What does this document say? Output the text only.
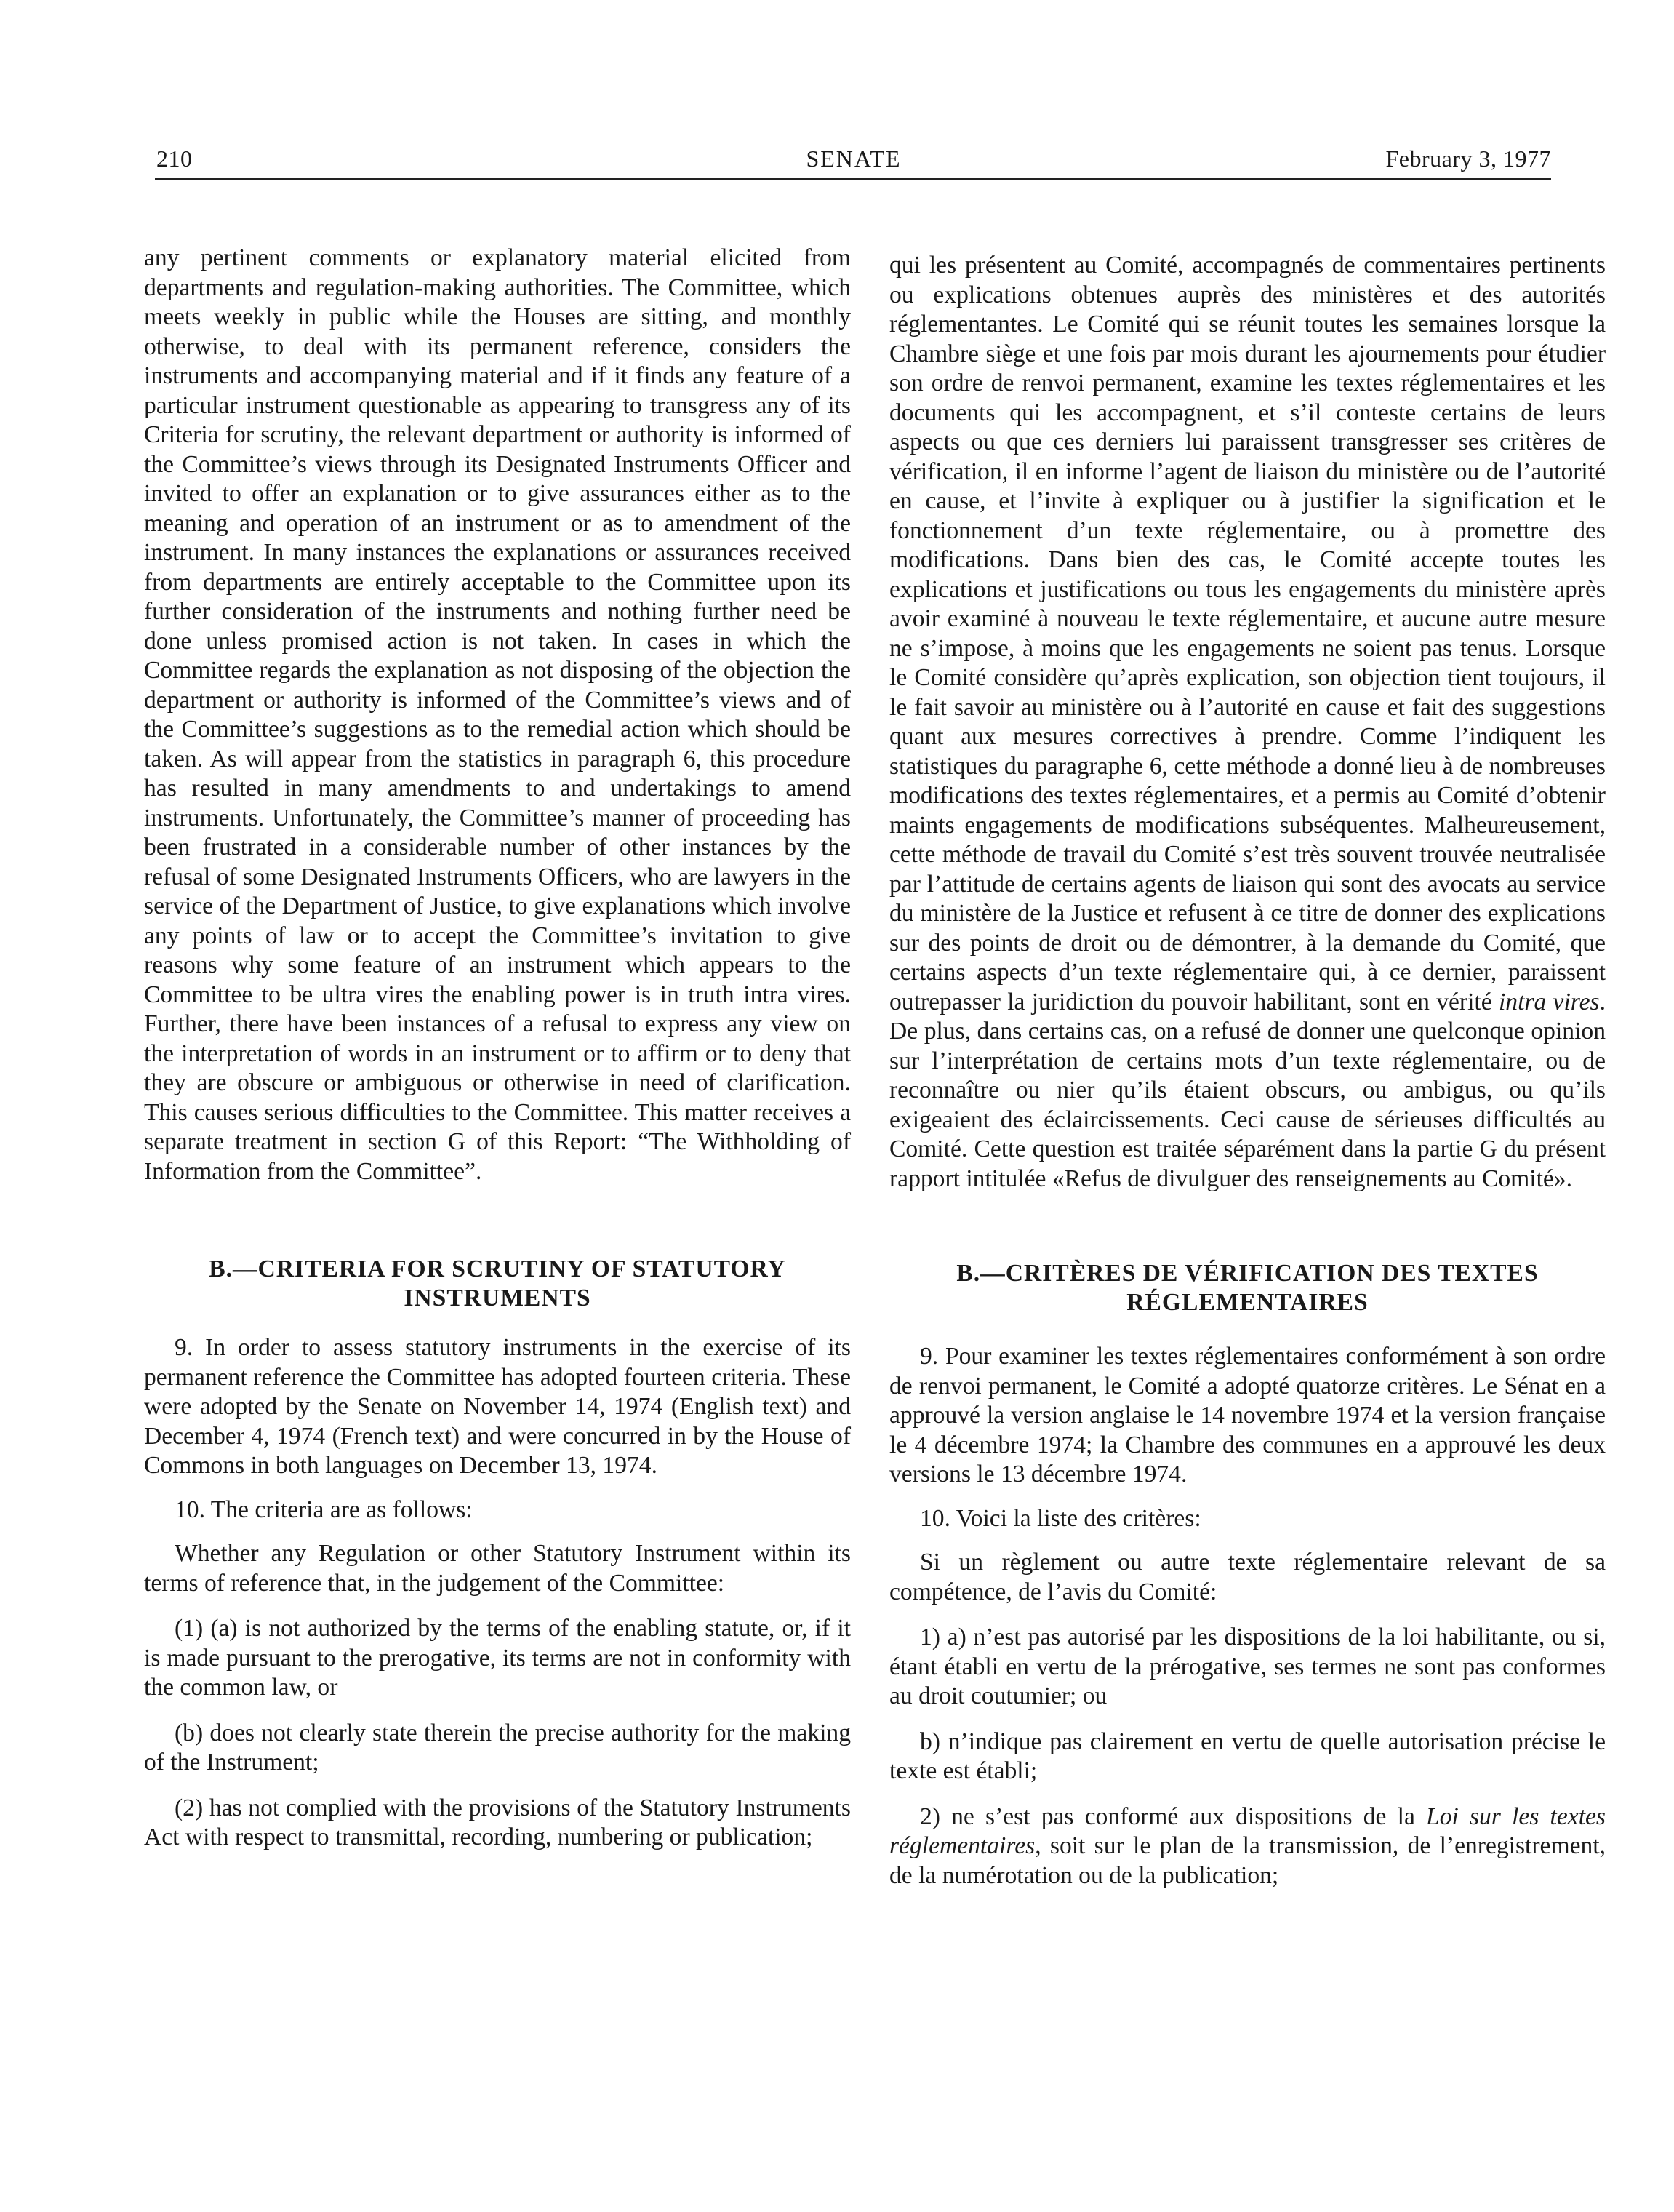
210	SENATE	February 3, 1977

any pertinent comments or explanatory material elicited from departments and regulation-making authorities. The Committee, which meets weekly in public while the Houses are sitting, and monthly otherwise, to deal with its permanent reference, considers the instruments and accompanying material and if it finds any feature of a particular instrument questionable as appearing to transgress any of its Criteria for scrutiny, the relevant department or authority is informed of the Committee’s views through its Designated Instruments Officer and invited to offer an explanation or to give assurances either as to the meaning and operation of an instrument or as to amendment of the instrument. In many instances the explanations or assurances received from departments are entirely acceptable to the Committee upon its further consideration of the instruments and nothing further need be done unless promised action is not taken. In cases in which the Committee regards the explanation as not disposing of the objection the department or authority is informed of the Committee’s views and of the Committee’s suggestions as to the remedial action which should be taken. As will appear from the statistics in paragraph 6, this procedure has resulted in many amendments to and undertakings to amend instruments. Unfortunately, the Committee’s manner of proceeding has been frustrated in a considerable number of other instances by the refusal of some Designated Instruments Officers, who are lawyers in the service of the Department of Justice, to give explanations which involve any points of law or to accept the Committee’s invitation to give reasons why some feature of an instrument which appears to the Committee to be ultra vires the enabling power is in truth intra vires. Further, there have been instances of a refusal to express any view on the interpretation of words in an instrument or to affirm or to deny that they are obscure or ambiguous or otherwise in need of clarification. This causes serious difficulties to the Committee. This matter receives a separate treatment in section G of this Report: “The Withholding of Information from the Committee”.

B.—CRITERIA FOR SCRUTINY OF STATUTORY INSTRUMENTS

9. In order to assess statutory instruments in the exercise of its permanent reference the Committee has adopted fourteen criteria. These were adopted by the Senate on November 14, 1974 (English text) and December 4, 1974 (French text) and were concurred in by the House of Commons in both languages on December 13, 1974.

10. The criteria are as follows:

Whether any Regulation or other Statutory Instrument within its terms of reference that, in the judgement of the Committee:

(1) (a) is not authorized by the terms of the enabling statute, or, if it is made pursuant to the prerogative, its terms are not in conformity with the common law, or

(b) does not clearly state therein the precise authority for the making of the Instrument;

(2) has not complied with the provisions of the Statutory Instruments Act with respect to transmittal, recording, numbering or publication;

qui les présentent au Comité, accompagnés de commentaires pertinents ou explications obtenues auprès des ministères et des autorités réglementantes. Le Comité qui se réunit toutes les semaines lorsque la Chambre siège et une fois par mois durant les ajournements pour étudier son ordre de renvoi permanent, examine les textes réglementaires et les documents qui les accompagnent, et s’il conteste certains de leurs aspects ou que ces derniers lui paraissent transgresser ses critères de vérification, il en informe l’agent de liaison du ministère ou de l’autorité en cause, et l’invite à expliquer ou à justifier la signification et le fonctionnement d’un texte réglementaire, ou à promettre des modifications. Dans bien des cas, le Comité accepte toutes les explications et justifications ou tous les engagements du ministère après avoir examiné à nouveau le texte réglementaire, et aucune autre mesure ne s’impose, à moins que les engagements ne soient pas tenus. Lorsque le Comité considère qu’après explication, son objection tient toujours, il le fait savoir au ministère ou à l’autorité en cause et fait des suggestions quant aux mesures correctives à prendre. Comme l’indiquent les statistiques du paragraphe 6, cette méthode a donné lieu à de nombreuses modifications des textes réglementaires, et a permis au Comité d’obtenir maints engagements de modifications subséquentes. Malheureusement, cette méthode de travail du Comité s’est très souvent trouvée neutralisée par l’attitude de certains agents de liaison qui sont des avocats au service du ministère de la Justice et refusent à ce titre de donner des explications sur des points de droit ou de démontrer, à la demande du Comité, que certains aspects d’un texte réglementaire qui, à ce dernier, paraissent outrepasser la juridiction du pouvoir habilitant, sont en vérité intra vires. De plus, dans certains cas, on a refusé de donner une quelconque opinion sur l’interprétation de certains mots d’un texte réglementaire, ou de reconnaître ou nier qu’ils étaient obscurs, ou ambigus, ou qu’ils exigeaient des éclaircissements. Ceci cause de sérieuses difficultés au Comité. Cette question est traitée séparément dans la partie G du présent rapport intitulée «Refus de divulguer des renseignements au Comité».

B.—CRITÈRES DE VÉRIFICATION DES TEXTES RÉGLEMENTAIRES

9. Pour examiner les textes réglementaires conformément à son ordre de renvoi permanent, le Comité a adopté quatorze critères. Le Sénat en a approuvé la version anglaise le 14 novembre 1974 et la version française le 4 décembre 1974; la Chambre des communes en a approuvé les deux versions le 13 décembre 1974.

10. Voici la liste des critères:

Si un règlement ou autre texte réglementaire relevant de sa compétence, de l’avis du Comité:

1) a) n’est pas autorisé par les dispositions de la loi habilitante, ou si, étant établi en vertu de la prérogative, ses termes ne sont pas conformes au droit coutumier; ou

b) n’indique pas clairement en vertu de quelle autorisation précise le texte est établi;

2) ne s’est pas conformé aux dispositions de la Loi sur les textes réglementaires, soit sur le plan de la transmission, de l’enregistrement, de la numérotation ou de la publication;
